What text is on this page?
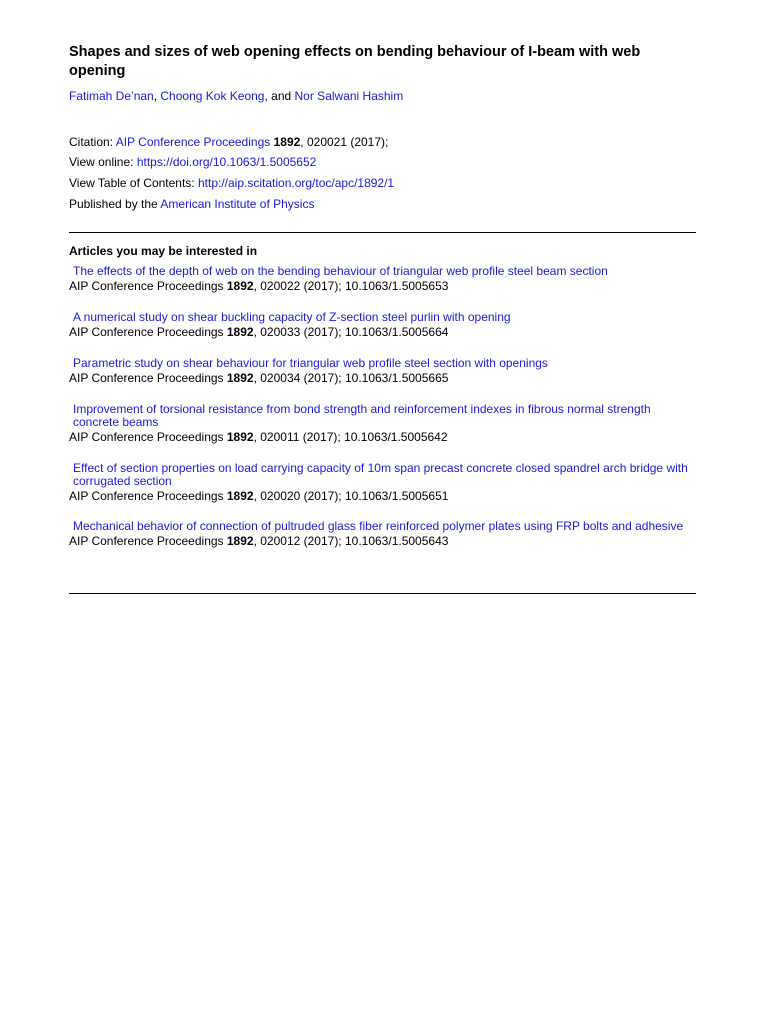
Shapes and sizes of web opening effects on bending behaviour of I-beam with web opening
Fatimah De’nan, Choong Kok Keong, and Nor Salwani Hashim
Citation: AIP Conference Proceedings 1892, 020021 (2017);
View online: https://doi.org/10.1063/1.5005652
View Table of Contents: http://aip.scitation.org/toc/apc/1892/1
Published by the American Institute of Physics
Articles you may be interested in
The effects of the depth of web on the bending behaviour of triangular web profile steel beam section
AIP Conference Proceedings 1892, 020022 (2017); 10.1063/1.5005653
A numerical study on shear buckling capacity of Z-section steel purlin with opening
AIP Conference Proceedings 1892, 020033 (2017); 10.1063/1.5005664
Parametric study on shear behaviour for triangular web profile steel section with openings
AIP Conference Proceedings 1892, 020034 (2017); 10.1063/1.5005665
Improvement of torsional resistance from bond strength and reinforcement indexes in fibrous normal strength concrete beams
AIP Conference Proceedings 1892, 020011 (2017); 10.1063/1.5005642
Effect of section properties on load carrying capacity of 10m span precast concrete closed spandrel arch bridge with corrugated section
AIP Conference Proceedings 1892, 020020 (2017); 10.1063/1.5005651
Mechanical behavior of connection of pultruded glass fiber reinforced polymer plates using FRP bolts and adhesive
AIP Conference Proceedings 1892, 020012 (2017); 10.1063/1.5005643
